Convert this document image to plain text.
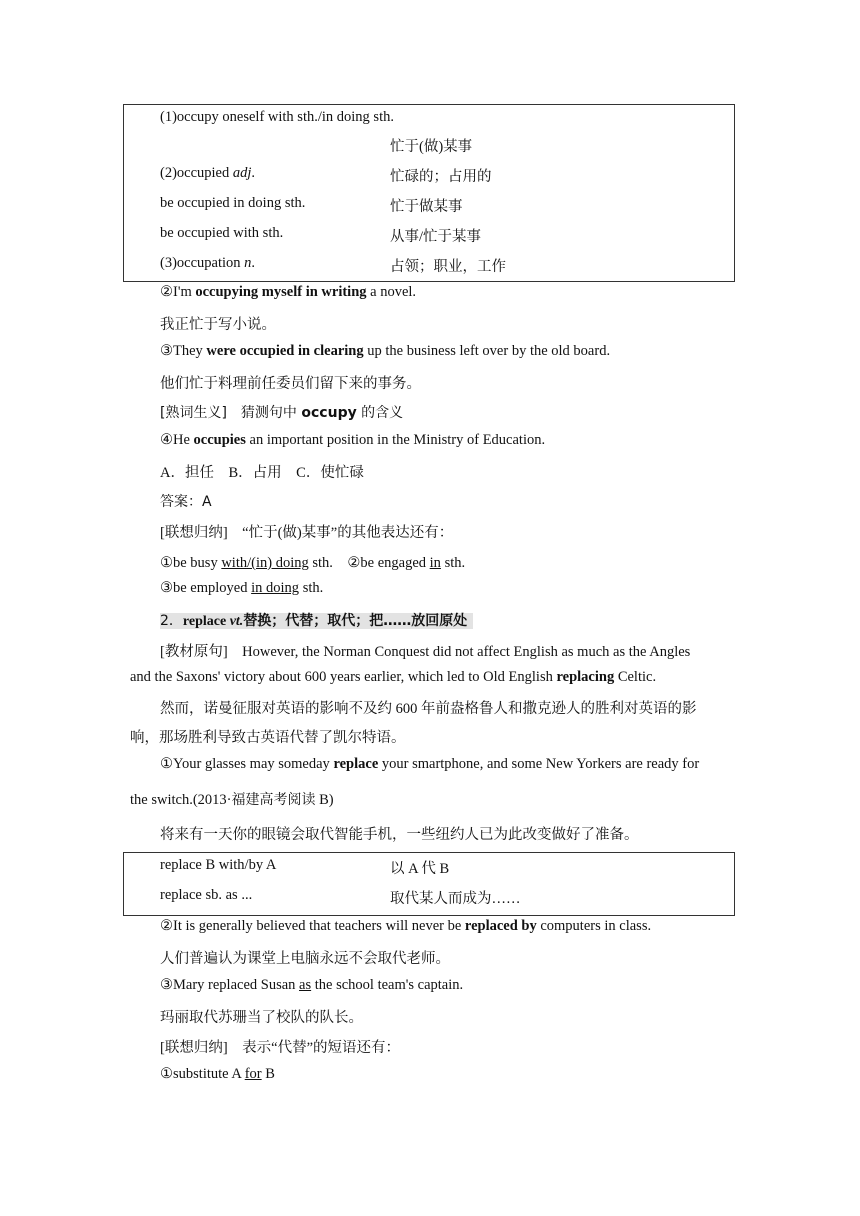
(1)occupy oneself with sth./in doing sth.
忙于(做)某事
(2)occupied adj.	忙碌的；占用的
be occupied in doing sth.	忙于做某事
be occupied with sth.	从事/忙于某事
(3)occupation n.	占领；职业，工作
②I'm occupying myself in writing a novel.
我正忙于写小说。
③They were occupied in clearing up the business left over by the old board.
他们忙于料理前任委员们留下来的事务。
[熟词生义]　猜测句中 occupy 的含义
④He occupies an important position in the Ministry of Education.
A．担任　B．占用　C．使忙碌
答案：A
[联想归纳]　“忙于(做)某事”的其他表达还有：
①be busy with/(in) doing sth.　②be engaged in sth.
③be employed in doing sth.
2．replace vt.替换；代替；取代；把……放回原处
[教材原句]　However, the Norman Conquest did not affect English as much as the Angles
and the Saxons' victory about 600 years earlier, which led to Old English replacing Celtic.
然而，诺曼征服对英语的影响不及约 600 年前盎格鲁人和撒克逊人的胜利对英语的影
响，那场胜利导致古英语代替了凯尔特语。
①Your glasses may someday replace your smartphone, and some New Yorkers are ready for
the switch.(2013·福建高考阅读 B)
将来有一天你的眼镜会取代智能手机，一些纽约人已为此改变做好了准备。
replace B with/by A	以 A 代 B
replace sb. as ...	取代某人而成为……
②It is generally believed that teachers will never be replaced by computers in class.
人们普遍认为课堂上电脑永远不会取代老师。
③Mary replaced Susan as the school team's captain.
玛丽取代苏珊当了校队的队长。
[联想归纳]　表示“代替”的短语还有：
①substitute A for B
